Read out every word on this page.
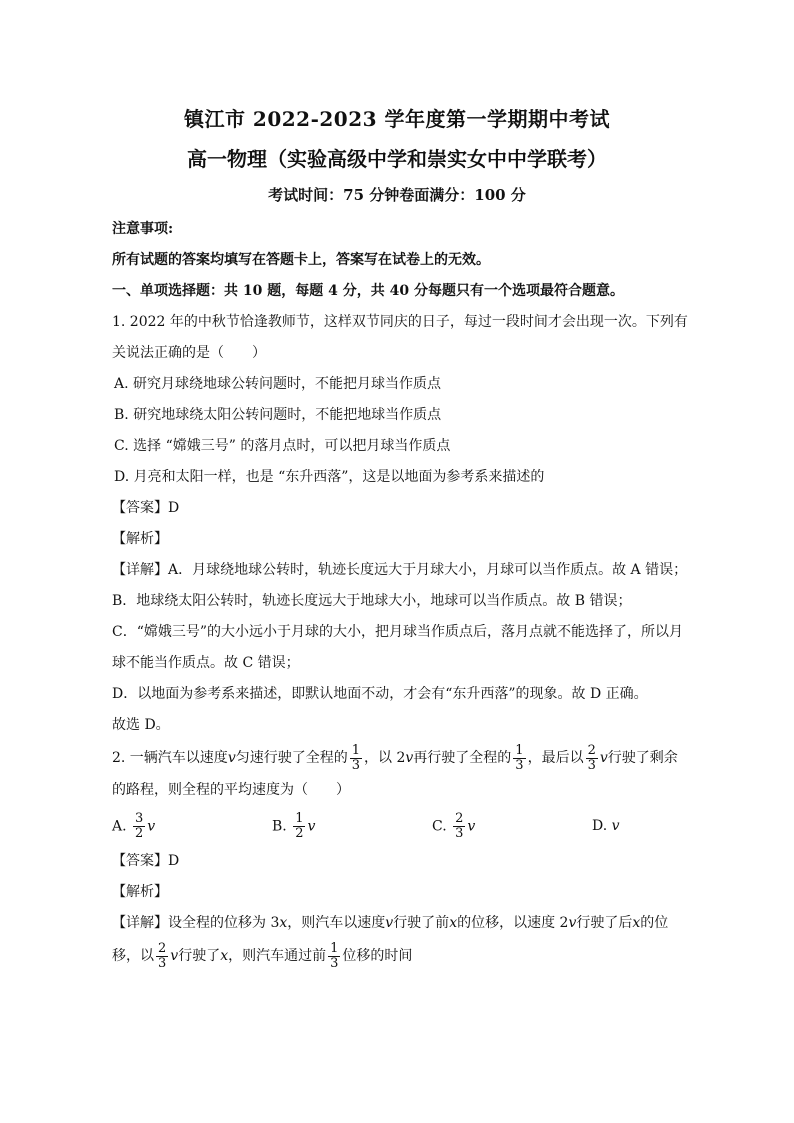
镇江市 2022-2023 学年度第一学期期中考试
高一物理（实验高级中学和崇实女中中学联考）
考试时间：75 分钟卷面满分：100 分
注意事项:
所有试题的答案均填写在答题卡上，答案写在试卷上的无效。
一、单项选择题：共 10 题，每题 4 分，共 40 分每题只有一个选项最符合题意。
1. 2022 年的中秋节恰逢教师节，这样双节同庆的日子，每过一段时间才会出现一次。下列有
关说法正确的是（　　）
A. 研究月球绕地球公转问题时，不能把月球当作质点
B. 研究地球绕太阳公转问题时，不能把地球当作质点
C. 选择 “嫦娥三号” 的落月点时，可以把月球当作质点
D. 月亮和太阳一样，也是 “东升西落”，这是以地面为参考系来描述的
【答案】D
【解析】
【详解】A．月球绕地球公转时，轨迹长度远大于月球大小，月球可以当作质点。故 A 错误；
B．地球绕太阳公转时，轨迹长度远大于地球大小，地球可以当作质点。故 B 错误；
C．“嫦娥三号”的大小远小于月球的大小，把月球当作质点后，落月点就不能选择了，所以月
球不能当作质点。故 C 错误；
D．以地面为参考系来描述，即默认地面不动，才会有“东升西落”的现象。故 D 正确。
故选 D。
2. 一辆汽车以速度v匀速行驶了全程的 $\frac{1}{3}$ ，以 2v再行驶了全程的 $\frac{1}{3}$ ，最后以 $\frac{2}{3}$ v行驶了剩余
的路程，则全程的平均速度为（　　）
A. $\frac{3}{2}$ v	B. $\frac{1}{2}$ v	C. $\frac{2}{3}$ v	D. v
【答案】D
【解析】
【详解】设全程的位移为 3x，则汽车以速度v行驶了前x的位移，以速度 2v行驶了后x的位
移，以 $\frac{2}{3}$ v行驶了x，则汽车通过前 $\frac{1}{3}$ 位移的时间
